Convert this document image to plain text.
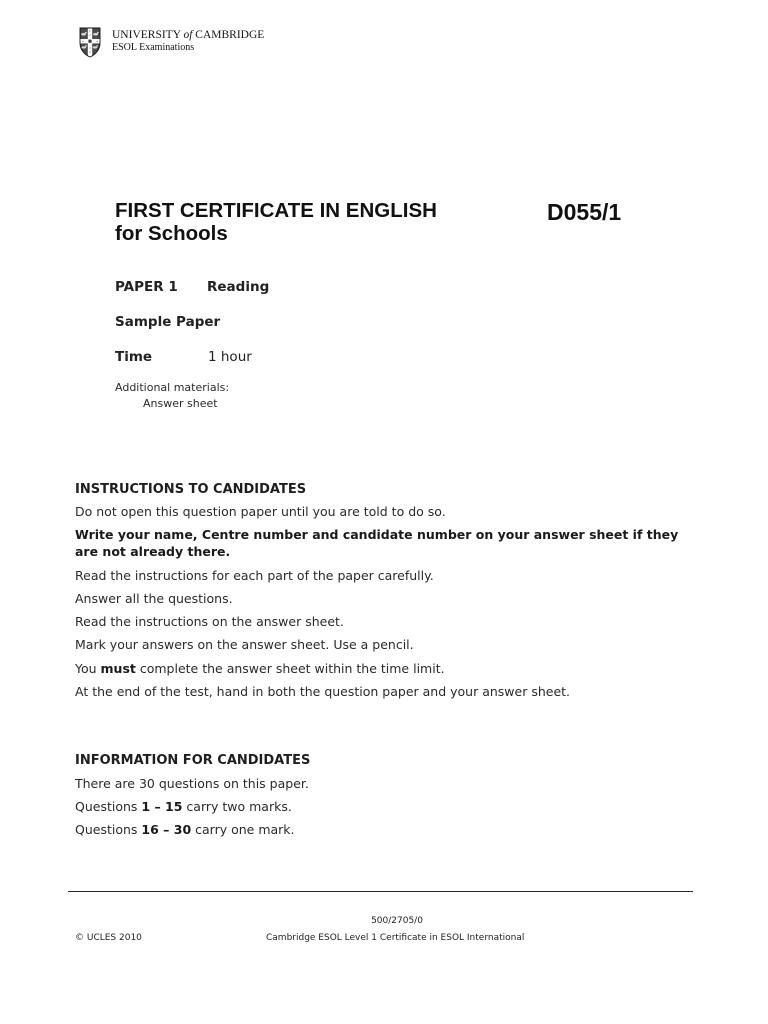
UNIVERSITY of CAMBRIDGE
ESOL Examinations
FIRST CERTIFICATE IN ENGLISH
for Schools
D055/1
PAPER 1 Reading
Sample Paper
Time	1 hour
Additional materials:
Answer sheet

INSTRUCTIONS TO CANDIDATES

Do not open this question paper until you are told to do so.

Write your name, Centre number and candidate number on your answer sheet if they are not already there.

Read the instructions for each part of the paper carefully.

Answer all the questions.

Read the instructions on the answer sheet.

Mark your answers on the answer sheet. Use a pencil.

You must complete the answer sheet within the time limit.

At the end of the test, hand in both the question paper and your answer sheet.

INFORMATION FOR CANDIDATES

There are 30 questions on this paper.

Questions 1 – 15 carry two marks.

Questions 16 – 30 carry one mark.

500/2705/0
© UCLES 2010	Cambridge ESOL Level 1 Certificate in ESOL International
